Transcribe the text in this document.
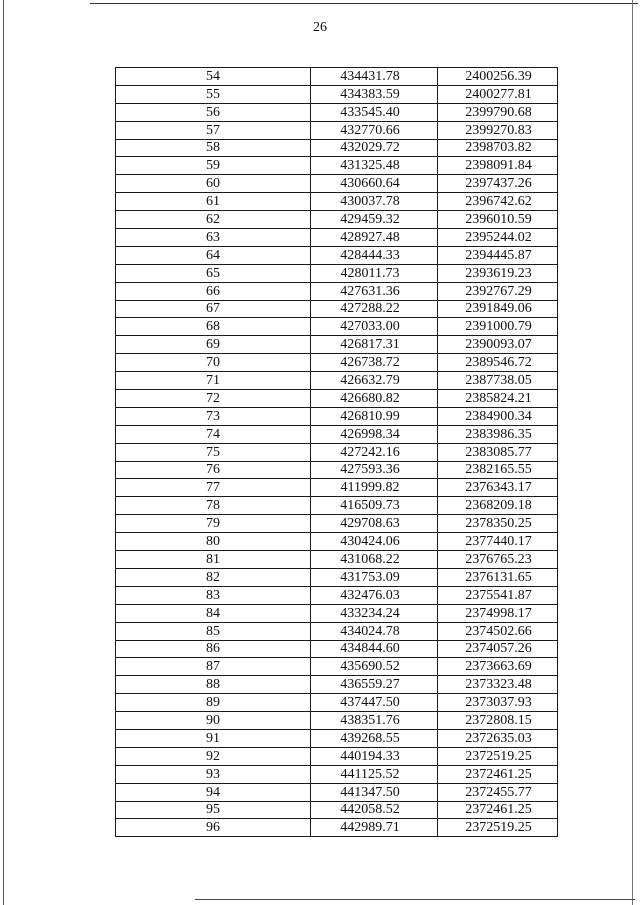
26
54	434431.78	2400256.39
55	434383.59	2400277.81
56	433545.40	2399790.68
57	432770.66	2399270.83
58	432029.72	2398703.82
59	431325.48	2398091.84
60	430660.64	2397437.26
61	430037.78	2396742.62
62	429459.32	2396010.59
63	428927.48	2395244.02
64	428444.33	2394445.87
65	428011.73	2393619.23
66	427631.36	2392767.29
67	427288.22	2391849.06
68	427033.00	2391000.79
69	426817.31	2390093.07
70	426738.72	2389546.72
71	426632.79	2387738.05
72	426680.82	2385824.21
73	426810.99	2384900.34
74	426998.34	2383986.35
75	427242.16	2383085.77
76	427593.36	2382165.55
77	411999.82	2376343.17
78	416509.73	2368209.18
79	429708.63	2378350.25
80	430424.06	2377440.17
81	431068.22	2376765.23
82	431753.09	2376131.65
83	432476.03	2375541.87
84	433234.24	2374998.17
85	434024.78	2374502.66
86	434844.60	2374057.26
87	435690.52	2373663.69
88	436559.27	2373323.48
89	437447.50	2373037.93
90	438351.76	2372808.15
91	439268.55	2372635.03
92	440194.33	2372519.25
93	441125.52	2372461.25
94	441347.50	2372455.77
95	442058.52	2372461.25
96	442989.71	2372519.25
